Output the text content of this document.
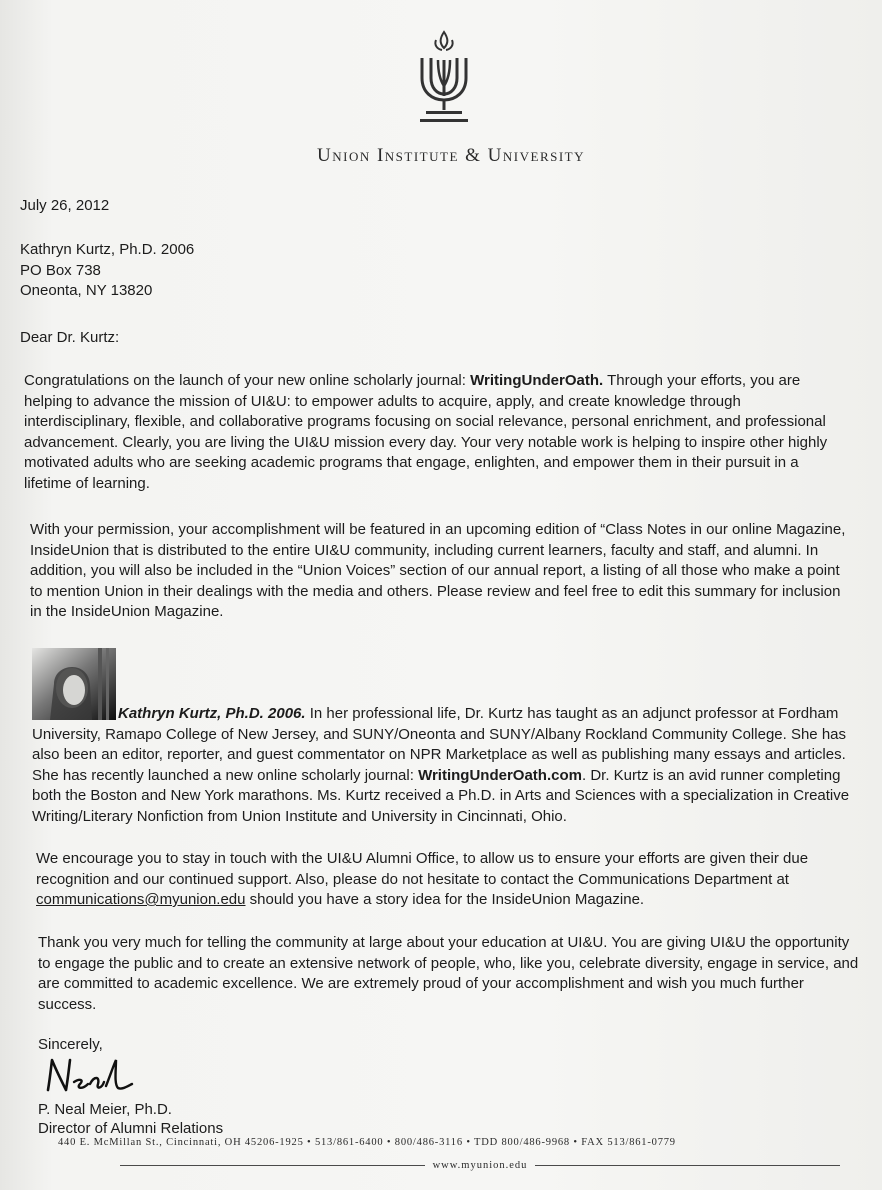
Union Institute & University
July 26, 2012
Kathryn Kurtz, Ph.D. 2006
PO Box 738
Oneonta, NY 13820
Dear Dr. Kurtz:
Congratulations on the launch of your new online scholarly journal: WritingUnderOath. Through your efforts, you are helping to advance the mission of UI&U: to empower adults to acquire, apply, and create knowledge through interdisciplinary, flexible, and collaborative programs focusing on social relevance, personal enrichment, and professional advancement. Clearly, you are living the UI&U mission every day. Your very notable work is helping to inspire other highly motivated adults who are seeking academic programs that engage, enlighten, and empower them in their pursuit in a lifetime of learning.
With your permission, your accomplishment will be featured in an upcoming edition of “Class Notes in our online Magazine, InsideUnion that is distributed to the entire UI&U community, including current learners, faculty and staff, and alumni. In addition, you will also be included in the “Union Voices” section of our annual report, a listing of all those who make a point to mention Union in their dealings with the media and others. Please review and feel free to edit this summary for inclusion in the InsideUnion Magazine.
Kathryn Kurtz, Ph.D. 2006. In her professional life, Dr. Kurtz has taught as an adjunct professor at Fordham University, Ramapo College of New Jersey, and SUNY/Oneonta and SUNY/Albany Rockland Community College. She has also been an editor, reporter, and guest commentator on NPR Marketplace as well as publishing many essays and articles. She has recently launched a new online scholarly journal: WritingUnderOath.com. Dr. Kurtz is an avid runner completing both the Boston and New York marathons. Ms. Kurtz received a Ph.D. in Arts and Sciences with a specialization in Creative Writing/Literary Nonfiction from Union Institute and University in Cincinnati, Ohio.
We encourage you to stay in touch with the UI&U Alumni Office, to allow us to ensure your efforts are given their due recognition and our continued support. Also, please do not hesitate to contact the Communications Department at communications@myunion.edu should you have a story idea for the InsideUnion Magazine.
Thank you very much for telling the community at large about your education at UI&U. You are giving UI&U the opportunity to engage the public and to create an extensive network of people, who, like you, celebrate diversity, engage in service, and are committed to academic excellence. We are extremely proud of your accomplishment and wish you much further success.
Sincerely,
P. Neal Meier, Ph.D.
Director of Alumni Relations
440 E. McMillan St., Cincinnati, OH 45206-1925 • 513/861-6400 • 800/486-3116 • TDD 800/486-9968 • FAX 513/861-0779
www.myunion.edu
